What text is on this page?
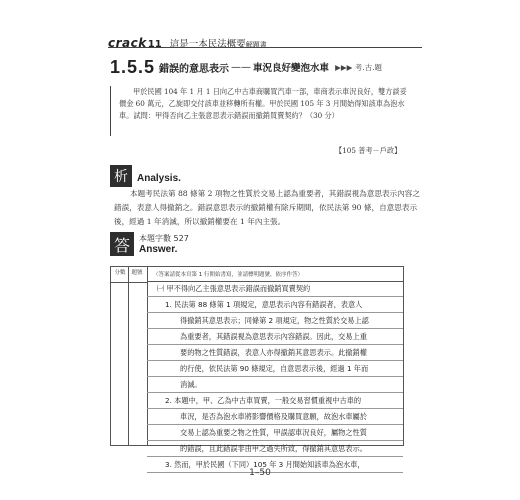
crack11 這是一本民法概要解題書
1.5.5 錯誤的意思表示 —— 車況良好變泡水車 ▶▶▶ 考.古.題

甲於民國 104 年 1 月 1 日向乙中古車商購買汽車一部，車商表示車況良好，雙方談妥價金 60 萬元，乙旋即交付該車並移轉所有權。甲於民國 105 年 3 月間始得知該車為泡水車。試問：甲得否向乙主張意思表示錯誤而撤銷買賣契約？（30 分）

【105 普考－戶政】
析 Analysis.

本題考民法第 88 條第 2 項物之性質於交易上認為重要者，其錯誤視為意思表示內容之錯誤，表意人得撤銷之。錯誤意思表示的撤銷權有除斥期間，依民法第 90 條，自意思表示後，經過 1 年消滅，所以撤銷權要在 1 年內主張。

答	本題字數 527
Answer.
分數 題號 （答案請從本頁第 1 行開始書寫，並請標明題號，依序作答）
㈠ 甲不得向乙主張意思表示錯誤而撤銷買賣契約
1. 民法第 88 條第 1 項規定，意思表示內容有錯誤者，表意人
得撤銷其意思表示；同條第 2 項規定，物之性質於交易上認
為重要者，其錯誤視為意思表示內容錯誤。因此，交易上重
要的物之性質錯誤，表意人亦得撤銷其意思表示。此撤銷權
的行使，依民法第 90 條規定，自意思表示後，經過 1 年而
消滅。
2. 本題中，甲、乙為中古車買賣，一般交易習慣重視中古車的
車況，是否為泡水車將影響價格及購買意願，故泡水車屬於
交易上認為重要之物之性質，甲誤認車況良好，屬物之性質
的錯誤，且此錯誤非由甲之過失所致，得撤銷其意思表示。
3. 然而，甲於民國（下同）105 年 3 月間始知該車為泡水車，
1–50
